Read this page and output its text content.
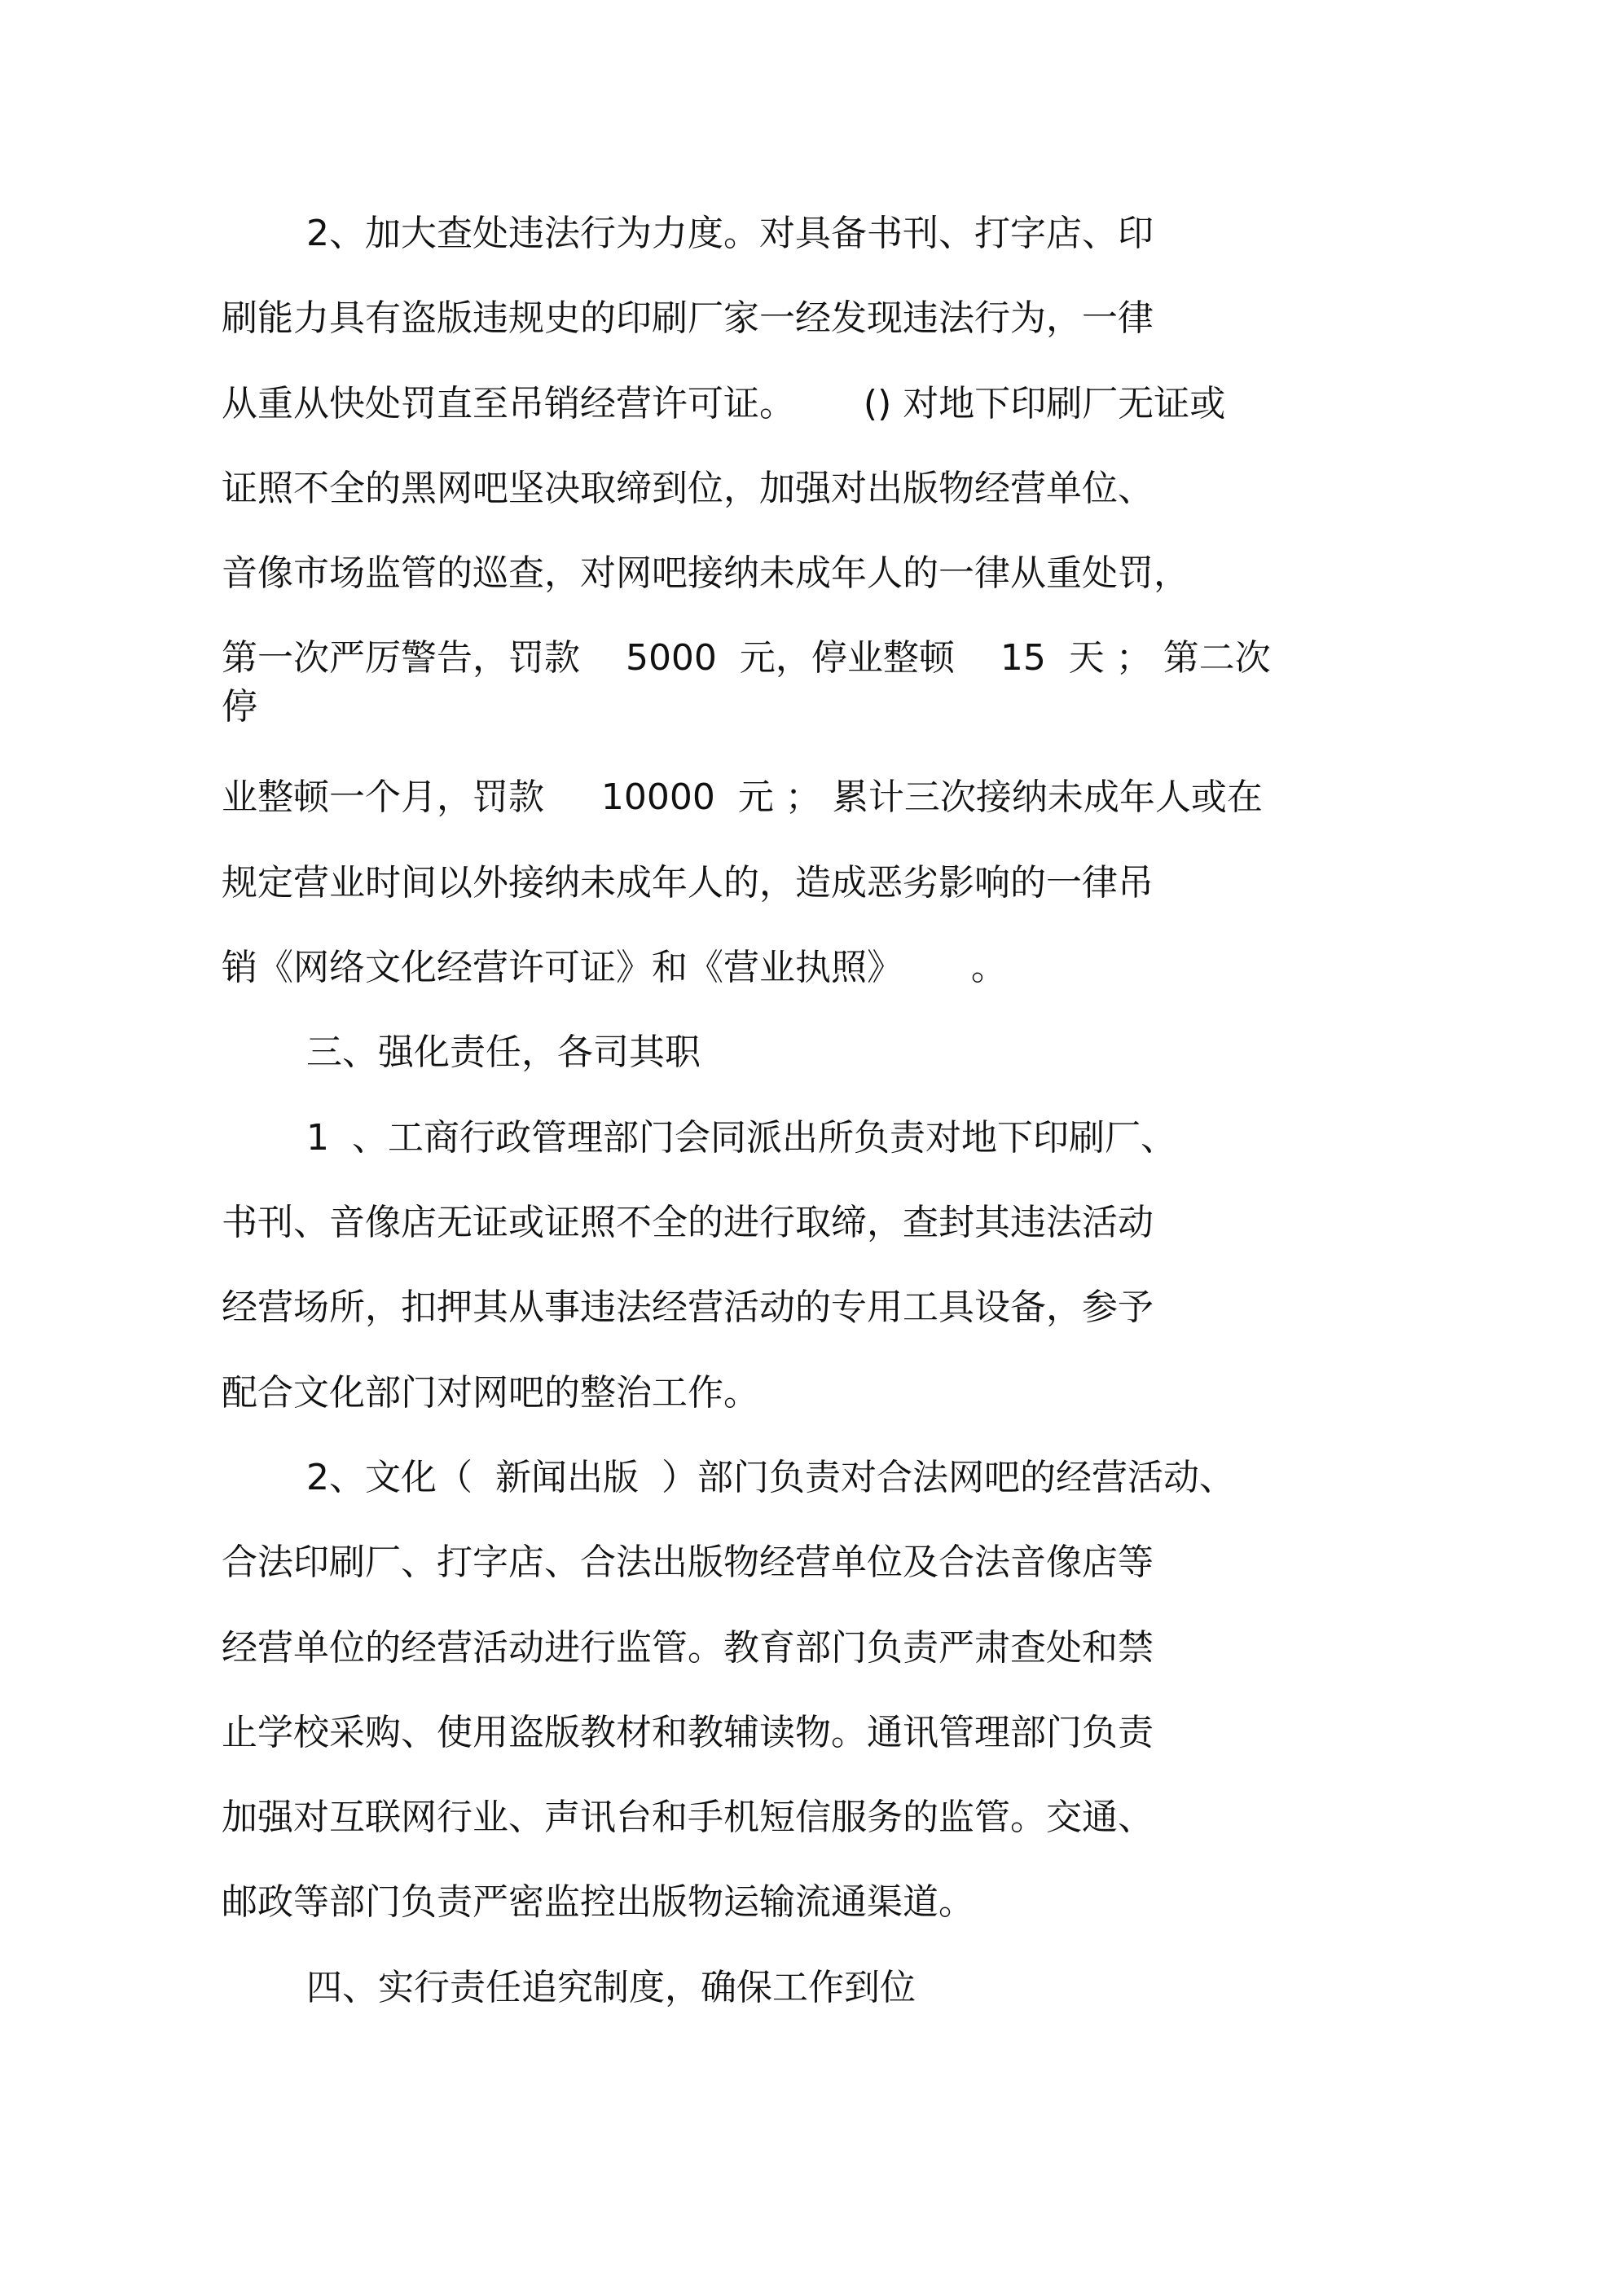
2、加大查处违法行为力度。对具备书刊、打字店、印
刷能力具有盗版违规史的印刷厂家一经发现违法行为，一律
从重从快处罚直至吊销经营许可证。      () 对地下印刷厂无证或
证照不全的黑网吧坚决取缔到位，加强对出版物经营单位、
音像市场监管的巡查，对网吧接纳未成年人的一律从重处罚，
第一次严厉警告，罚款    5000  元，停业整顿    15  天 ； 第二次
停
业整顿一个月，罚款     10000  元 ； 累计三次接纳未成年人或在
规定营业时间以外接纳未成年人的，造成恶劣影响的一律吊
销《网络文化经营许可证》和《营业执照》      。
三、强化责任，各司其职
1  、工商行政管理部门会同派出所负责对地下印刷厂、
书刊、音像店无证或证照不全的进行取缔，查封其违法活动
经营场所，扣押其从事违法经营活动的专用工具设备，参予
配合文化部门对网吧的整治工作。
2、文化（  新闻出版  ）部门负责对合法网吧的经营活动、
合法印刷厂、打字店、合法出版物经营单位及合法音像店等
经营单位的经营活动进行监管。教育部门负责严肃查处和禁
止学校采购、使用盗版教材和教辅读物。通讯管理部门负责
加强对互联网行业、声讯台和手机短信服务的监管。交通、
邮政等部门负责严密监控出版物运输流通渠道。
四、实行责任追究制度，确保工作到位
